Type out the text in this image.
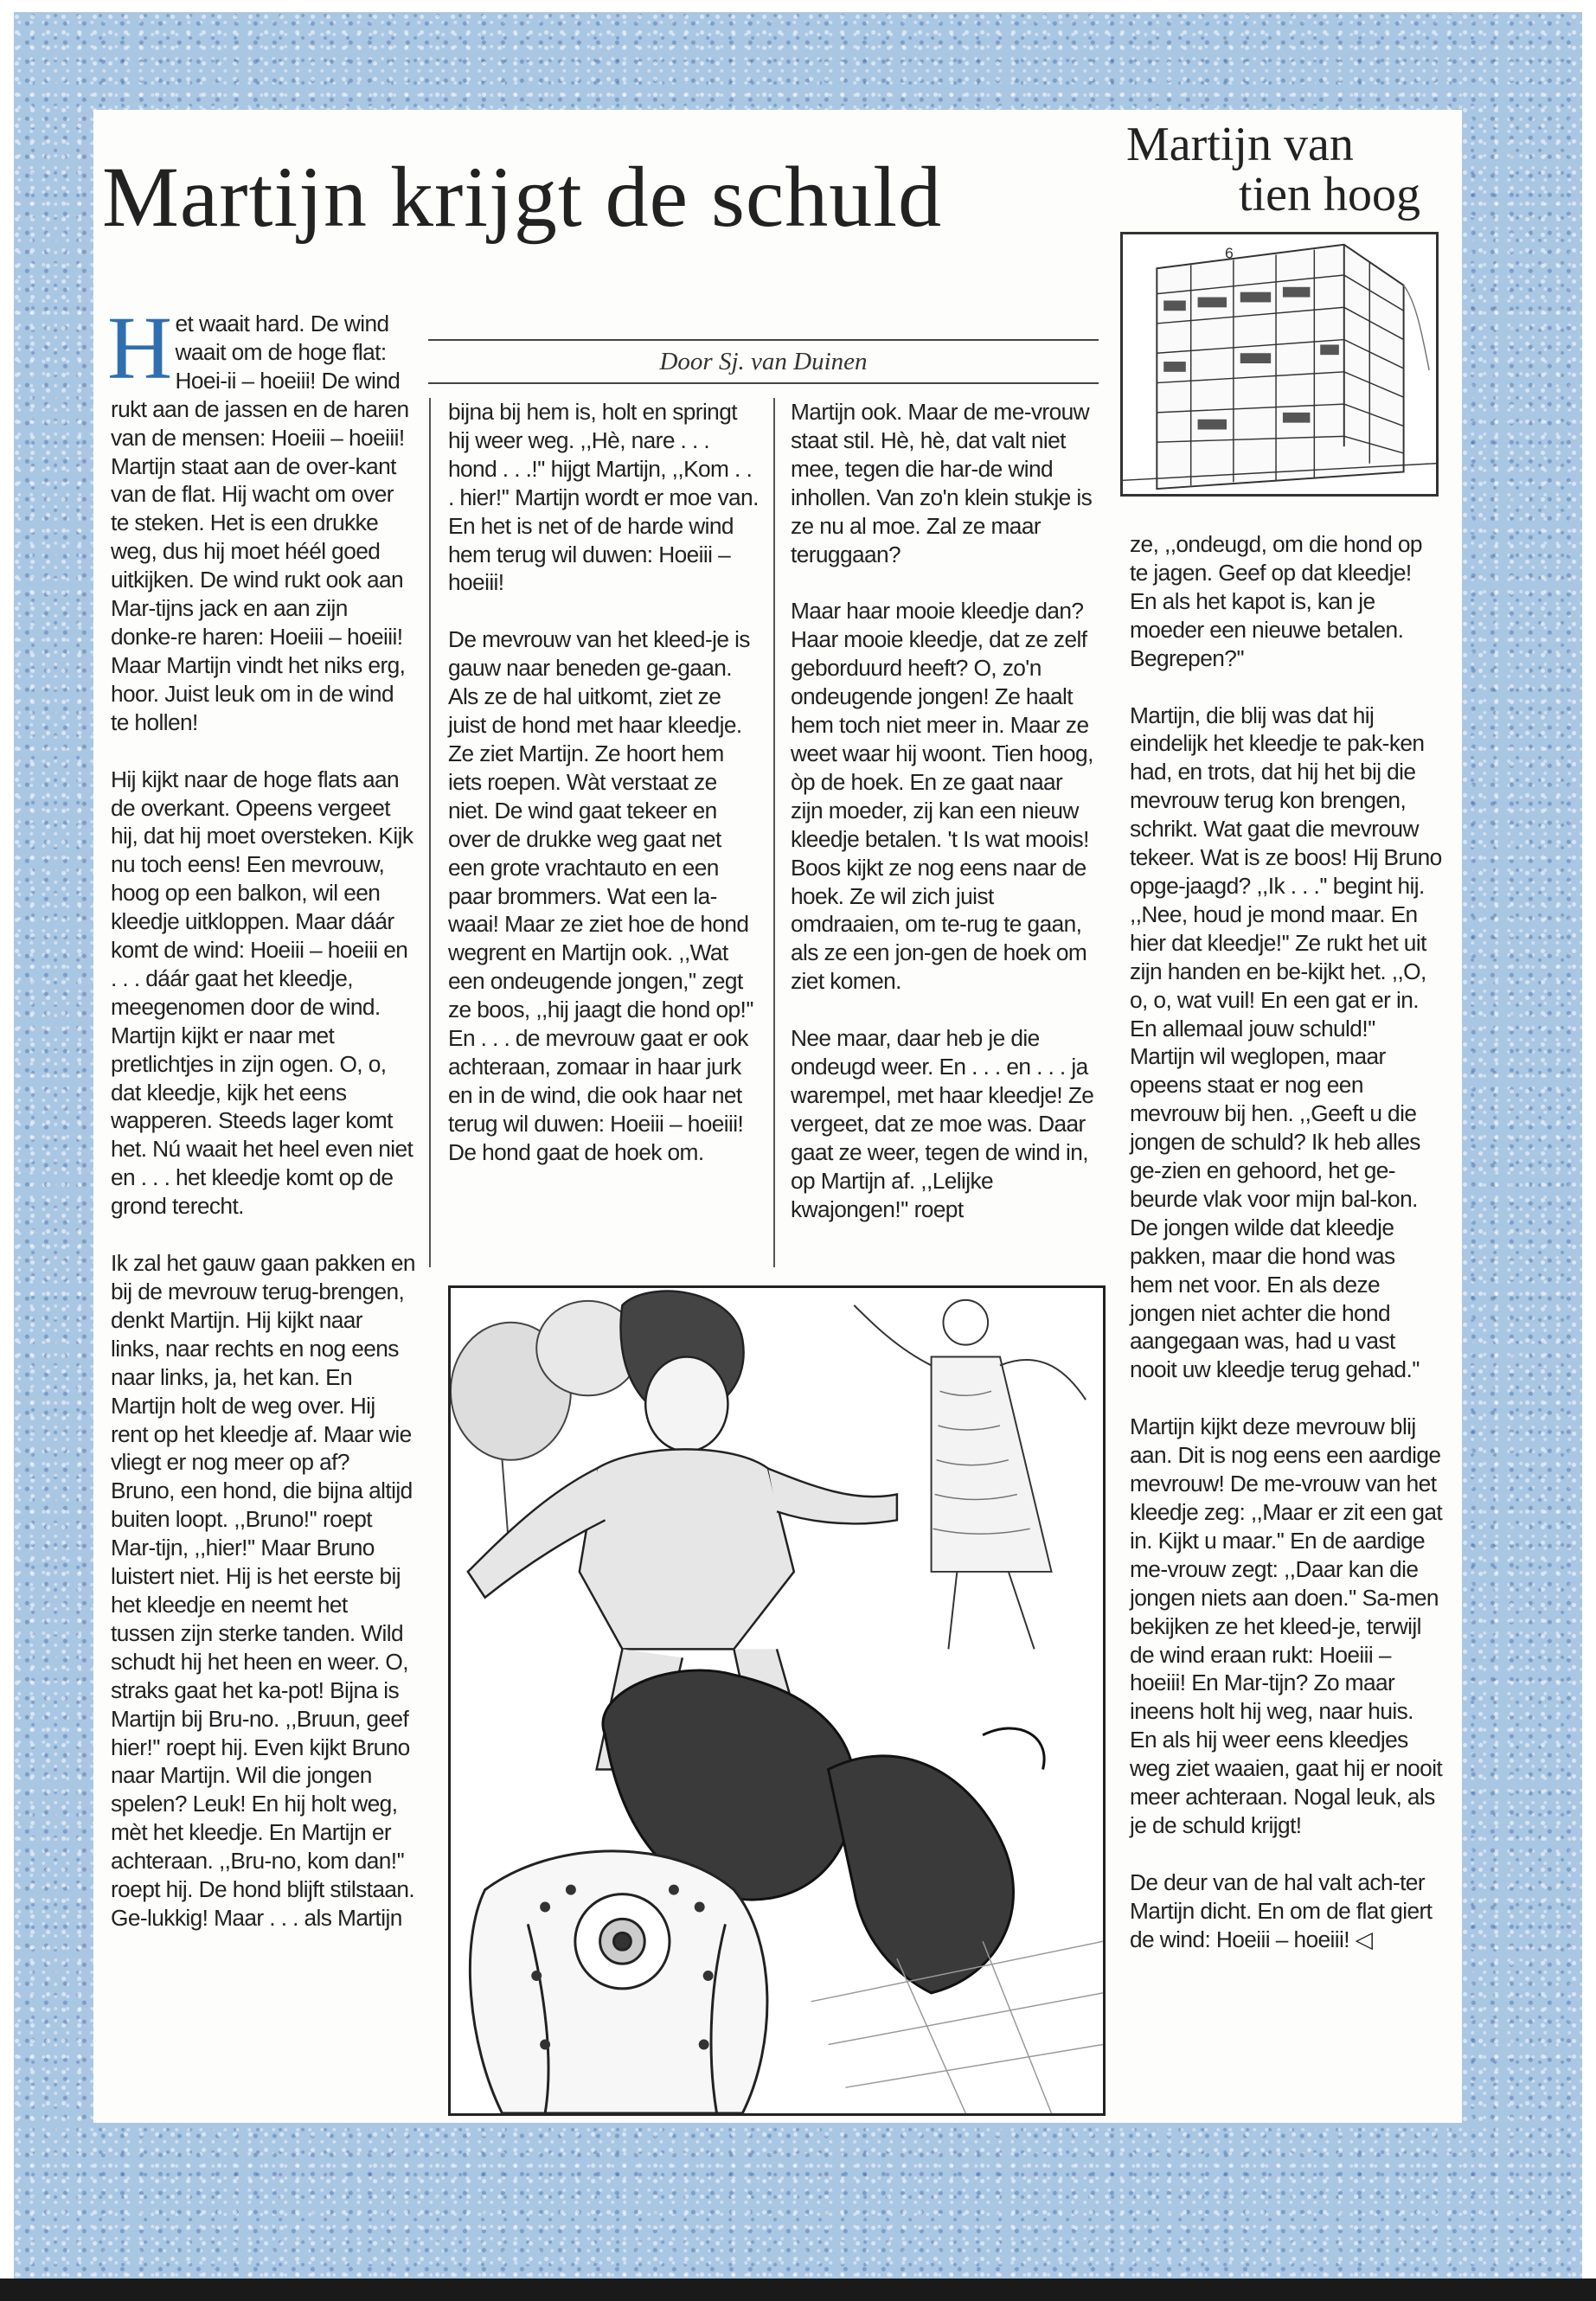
Martijn krijgt de schuld
Martijn van
tien hoog
6
Door Sj. van Duinen

Het waait hard. De wind waait om de hoge flat: Hoei-ii – hoeiii! De wind rukt aan de jassen en de haren van de mensen: Hoeiii – hoeiii! Martijn staat aan de over-kant van de flat. Hij wacht om over te steken. Het is een drukke weg, dus hij moet héél goed uitkijken. De wind rukt ook aan Mar-tijns jack en aan zijn donke-re haren: Hoeiii – hoeiii! Maar Martijn vindt het niks erg, hoor. Juist leuk om in de wind te hollen!

Hij kijkt naar de hoge flats aan de overkant. Opeens vergeet hij, dat hij moet oversteken. Kijk nu toch eens! Een mevrouw, hoog op een balkon, wil een kleedje uitkloppen. Maar dáár komt de wind: Hoeiii – hoeiii en . . . dáár gaat het kleedje, meegenomen door de wind. Martijn kijkt er naar met pretlichtjes in zijn ogen. O, o, dat kleedje, kijk het eens wapperen. Steeds lager komt het. Nú waait het heel even niet en . . . het kleedje komt op de grond terecht.

Ik zal het gauw gaan pakken en bij de mevrouw terug-brengen, denkt Martijn. Hij kijkt naar links, naar rechts en nog eens naar links, ja, het kan. En Martijn holt de weg over. Hij rent op het kleedje af. Maar wie vliegt er nog meer op af? Bruno, een hond, die bijna altijd buiten loopt. ,,Bruno!'' roept Mar-tijn, ,,hier!'' Maar Bruno luistert niet. Hij is het eerste bij het kleedje en neemt het tussen zijn sterke tanden. Wild schudt hij het heen en weer. O, straks gaat het ka-pot! Bijna is Martijn bij Bru-no. ,,Bruun, geef hier!'' roept hij. Even kijkt Bruno naar Martijn. Wil die jongen spelen? Leuk! En hij holt weg, mèt het kleedje. En Martijn er achteraan. ,,Bru-no, kom dan!'' roept hij. De hond blijft stilstaan. Ge-lukkig! Maar . . . als Martijn

bijna bij hem is, holt en springt hij weer weg. ,,Hè, nare . . . hond . . .!'' hijgt Martijn, ,,Kom . . . hier!'' Martijn wordt er moe van. En het is net of de harde wind hem terug wil duwen: Hoeiii – hoeiii!

De mevrouw van het kleed-je is gauw naar beneden ge-gaan. Als ze de hal uitkomt, ziet ze juist de hond met haar kleedje. Ze ziet Martijn. Ze hoort hem iets roepen. Wàt verstaat ze niet. De wind gaat tekeer en over de drukke weg gaat net een grote vrachtauto en een paar brommers. Wat een la-waai! Maar ze ziet hoe de hond wegrent en Martijn ook. ,,Wat een ondeugende jongen,'' zegt ze boos, ,,hij jaagt die hond op!'' En . . . de mevrouw gaat er ook achteraan, zomaar in haar jurk en in de wind, die ook haar net terug wil duwen: Hoeiii – hoeiii! De hond gaat de hoek om.

Martijn ook. Maar de me-vrouw staat stil. Hè, hè, dat valt niet mee, tegen die har-de wind inhollen. Van zo'n klein stukje is ze nu al moe. Zal ze maar teruggaan?

Maar haar mooie kleedje dan? Haar mooie kleedje, dat ze zelf geborduurd heeft? O, zo'n ondeugende jongen! Ze haalt hem toch niet meer in. Maar ze weet waar hij woont. Tien hoog, òp de hoek. En ze gaat naar zijn moeder, zij kan een nieuw kleedje betalen. 't Is wat moois! Boos kijkt ze nog eens naar de hoek. Ze wil zich juist omdraaien, om te-rug te gaan, als ze een jon-gen de hoek om ziet komen.

Nee maar, daar heb je die ondeugd weer. En . . . en . . . ja warempel, met haar kleedje! Ze vergeet, dat ze moe was. Daar gaat ze weer, tegen de wind in, op Martijn af. ,,Lelijke kwajongen!'' roept

ze, ,,ondeugd, om die hond op te jagen. Geef op dat kleedje! En als het kapot is, kan je moeder een nieuwe betalen. Begrepen?''

Martijn, die blij was dat hij eindelijk het kleedje te pak-ken had, en trots, dat hij het bij die mevrouw terug kon brengen, schrikt. Wat gaat die mevrouw tekeer. Wat is ze boos! Hij Bruno opge-jaagd? ,,Ik . . .'' begint hij. ,,Nee, houd je mond maar. En hier dat kleedje!'' Ze rukt het uit zijn handen en be-kijkt het. ,,O, o, o, wat vuil! En een gat er in. En allemaal jouw schuld!'' Martijn wil weglopen, maar opeens staat er nog een mevrouw bij hen. ,,Geeft u die jongen de schuld? Ik heb alles ge-zien en gehoord, het ge-beurde vlak voor mijn bal-kon. De jongen wilde dat kleedje pakken, maar die hond was hem net voor. En als deze jongen niet achter die hond aangegaan was, had u vast nooit uw kleedje terug gehad.''

Martijn kijkt deze mevrouw blij aan. Dit is nog eens een aardige mevrouw! De me-vrouw van het kleedje zeg: ,,Maar er zit een gat in. Kijkt u maar.'' En de aardige me-vrouw zegt: ,,Daar kan die jongen niets aan doen.'' Sa-men bekijken ze het kleed-je, terwijl de wind eraan rukt: Hoeiii – hoeiii! En Mar-tijn? Zo maar ineens holt hij weg, naar huis. En als hij weer eens kleedjes weg ziet waaien, gaat hij er nooit meer achteraan. Nogal leuk, als je de schuld krijgt!

De deur van de hal valt ach-ter Martijn dicht. En om de flat giert de wind: Hoeiii – hoeiii! ◁
